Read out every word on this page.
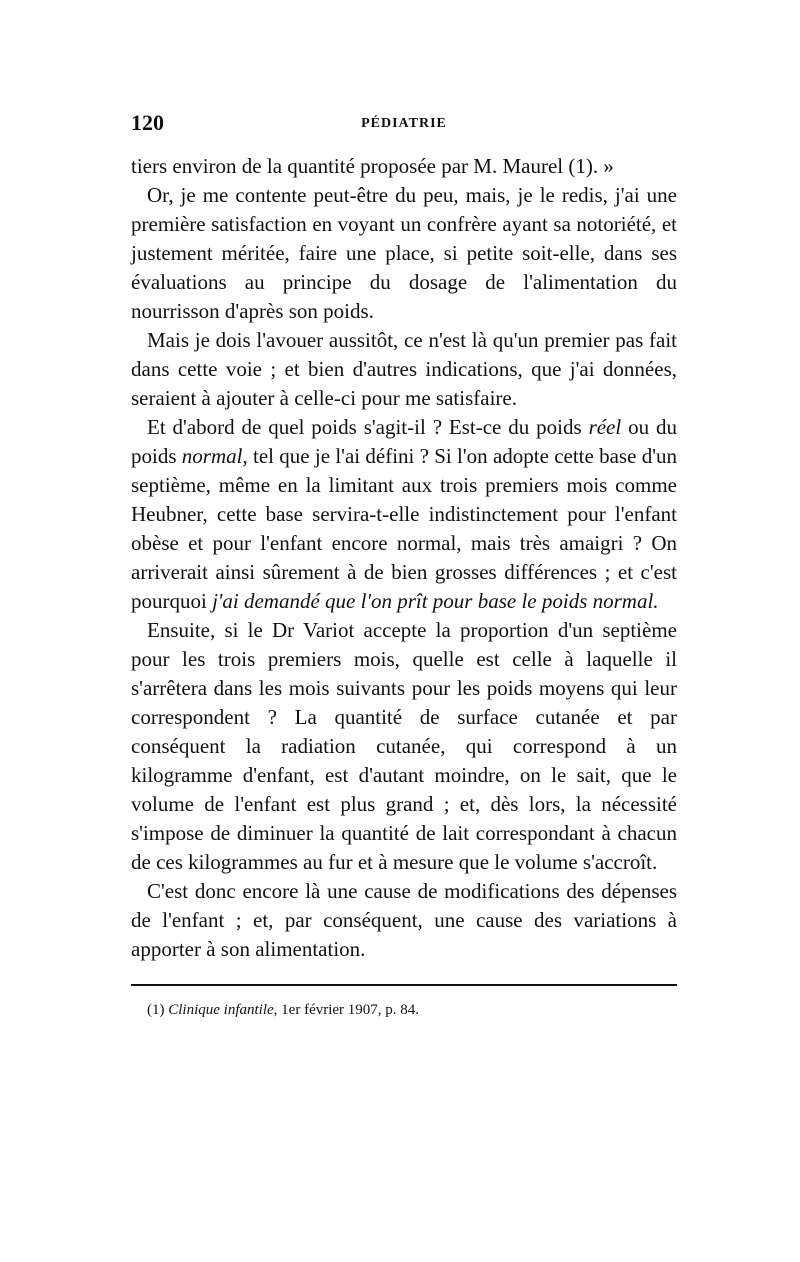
120	PÉDIATRIE

tiers environ de la quantité proposée par M. Maurel (1). »

Or, je me contente peut-être du peu, mais, je le redis, j'ai une première satisfaction en voyant un confrère ayant sa notoriété, et justement méritée, faire une place, si petite soit-elle, dans ses évaluations au principe du dosage de l'alimentation du nourrisson d'après son poids.

Mais je dois l'avouer aussitôt, ce n'est là qu'un premier pas fait dans cette voie ; et bien d'autres indications, que j'ai données, seraient à ajouter à celle-ci pour me satisfaire.

Et d'abord de quel poids s'agit-il ? Est-ce du poids réel ou du poids normal, tel que je l'ai défini ? Si l'on adopte cette base d'un septième, même en la limitant aux trois premiers mois comme Heubner, cette base servira-t-elle indistinctement pour l'enfant obèse et pour l'enfant encore normal, mais très amaigri ? On arriverait ainsi sûrement à de bien grosses différences ; et c'est pourquoi j'ai demandé que l'on prît pour base le poids normal.

Ensuite, si le Dr Variot accepte la proportion d'un septième pour les trois premiers mois, quelle est celle à laquelle il s'arrêtera dans les mois suivants pour les poids moyens qui leur correspondent ? La quantité de surface cutanée et par conséquent la radiation cutanée, qui correspond à un kilogramme d'enfant, est d'autant moindre, on le sait, que le volume de l'enfant est plus grand ; et, dès lors, la nécessité s'impose de diminuer la quantité de lait correspondant à chacun de ces kilogrammes au fur et à mesure que le volume s'accroît.

C'est donc encore là une cause de modifications des dépenses de l'enfant ; et, par conséquent, une cause des variations à apporter à son alimentation.

(1) Clinique infantile, 1er février 1907, p. 84.
